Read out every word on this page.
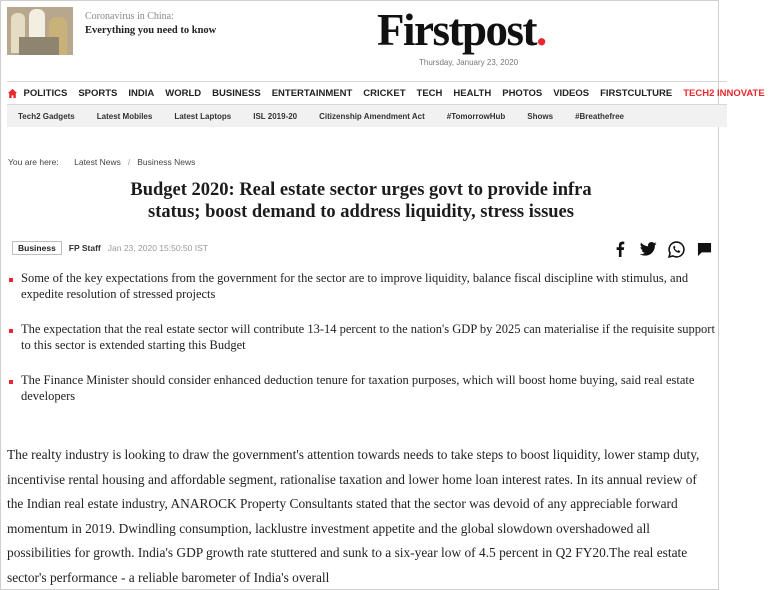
Coronavirus in China:
Everything you need to know	Firstpost.
Thursday, January 23, 2020
POLITICS	SPORTS	INDIA	WORLD	BUSINESS	ENTERTAINMENT	CRICKET	TECH	HEALTH	PHOTOS	VIDEOS	FIRSTCULTURE	TECH2 INNOVATE
Tech2 Gadgets	Latest Mobiles	Latest Laptops	ISL 2019-20	Citizenship Amendment Act	#TomorrowHub	Shows	#Breathefree
You are here: Latest News / Business News
Budget 2020: Real estate sector urges govt to provide infra
status; boost demand to address liquidity, stress issues
Business	FP Staff Jan 23, 2020 15:50:50 IST
Some of the key expectations from the government for the sector are to improve liquidity, balance fiscal discipline with stimulus, and expedite resolution of stressed projects
The expectation that the real estate sector will contribute 13-14 percent to the nation's GDP by 2025 can materialise if the requisite support to this sector is extended starting this Budget
The Finance Minister should consider enhanced deduction tenure for taxation purposes, which will boost home buying, said real estate developers

The realty industry is looking to draw the government's attention towards needs to take steps to boost liquidity, lower stamp duty, incentivise rental housing and affordable segment, rationalise taxation and lower home loan interest rates. In its annual review of the Indian real estate industry, ANAROCK Property Consultants stated that the sector was devoid of any appreciable forward momentum in 2019. Dwindling consumption, lacklustre investment appetite and the global slowdown overshadowed all possibilities for growth. India's GDP growth rate stuttered and sunk to a six-year low of 4.5 percent in Q2 FY20.The real estate sector's performance - a reliable barometer of India's overall
